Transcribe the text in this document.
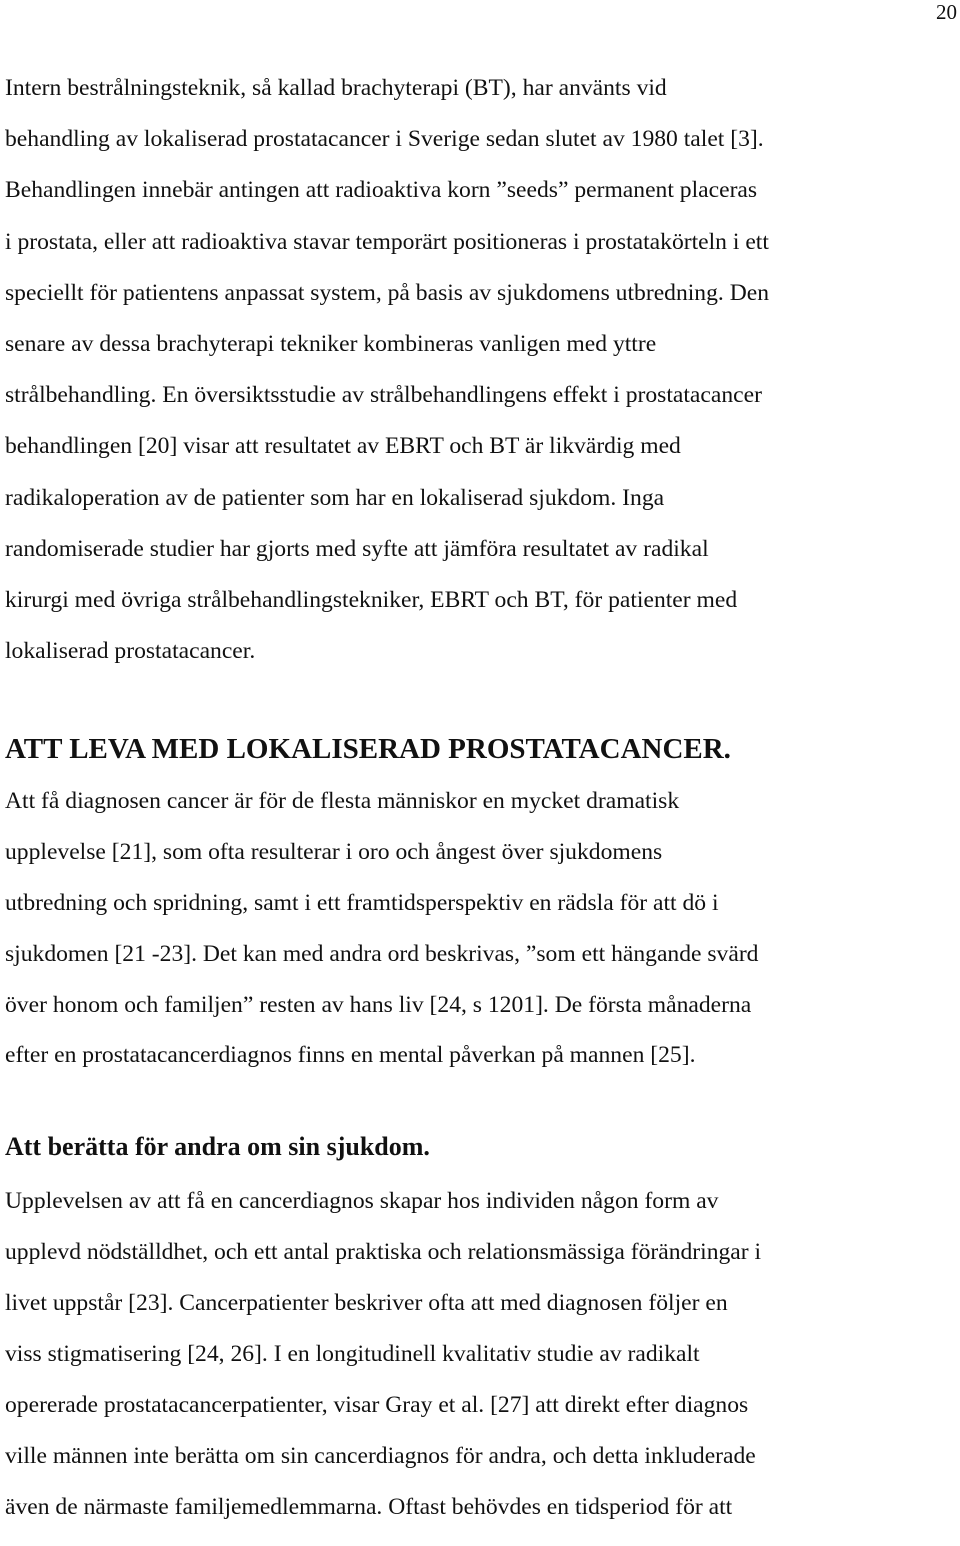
20
Intern bestrålningsteknik, så kallad brachyterapi (BT), har använts vid
behandling av lokaliserad prostatacancer i Sverige sedan slutet av 1980 talet [3].
Behandlingen innebär antingen att radioaktiva korn ”seeds” permanent placeras
i prostata, eller att radioaktiva stavar temporärt positioneras i prostatakörteln i ett
speciellt för patientens anpassat system, på basis av sjukdomens utbredning. Den
senare av dessa brachyterapi tekniker kombineras vanligen med yttre
strålbehandling. En översiktsstudie av strålbehandlingens effekt i prostatacancer
behandlingen [20] visar att resultatet av EBRT och BT är likvärdig med
radikaloperation av de patienter som har en lokaliserad sjukdom. Inga
randomiserade studier har gjorts med syfte att jämföra resultatet av radikal
kirurgi med övriga strålbehandlingstekniker, EBRT och BT, för patienter med
lokaliserad prostatacancer.
ATT LEVA MED LOKALISERAD PROSTATACANCER.
Att få diagnosen cancer är för de flesta människor en mycket dramatisk
upplevelse [21], som ofta resulterar i oro och ångest över sjukdomens
utbredning och spridning, samt i ett framtidsperspektiv en rädsla för att dö i
sjukdomen [21 -23]. Det kan med andra ord beskrivas, ”som ett hängande svärd
över honom och familjen” resten av hans liv [24, s 1201]. De första månaderna
efter en prostatacancerdiagnos finns en mental påverkan på mannen [25].
Att berätta för andra om sin sjukdom.
Upplevelsen av att få en cancerdiagnos skapar hos individen någon form av
upplevd nödställdhet, och ett antal praktiska och relationsmässiga förändringar i
livet uppstår [23]. Cancerpatienter beskriver ofta att med diagnosen följer en
viss stigmatisering [24, 26]. I en longitudinell kvalitativ studie av radikalt
opererade prostatacancerpatienter, visar Gray et al. [27] att direkt efter diagnos
ville männen inte berätta om sin cancerdiagnos för andra, och detta inkluderade
även de närmaste familjemedlemmarna. Oftast behövdes en tidsperiod för att
